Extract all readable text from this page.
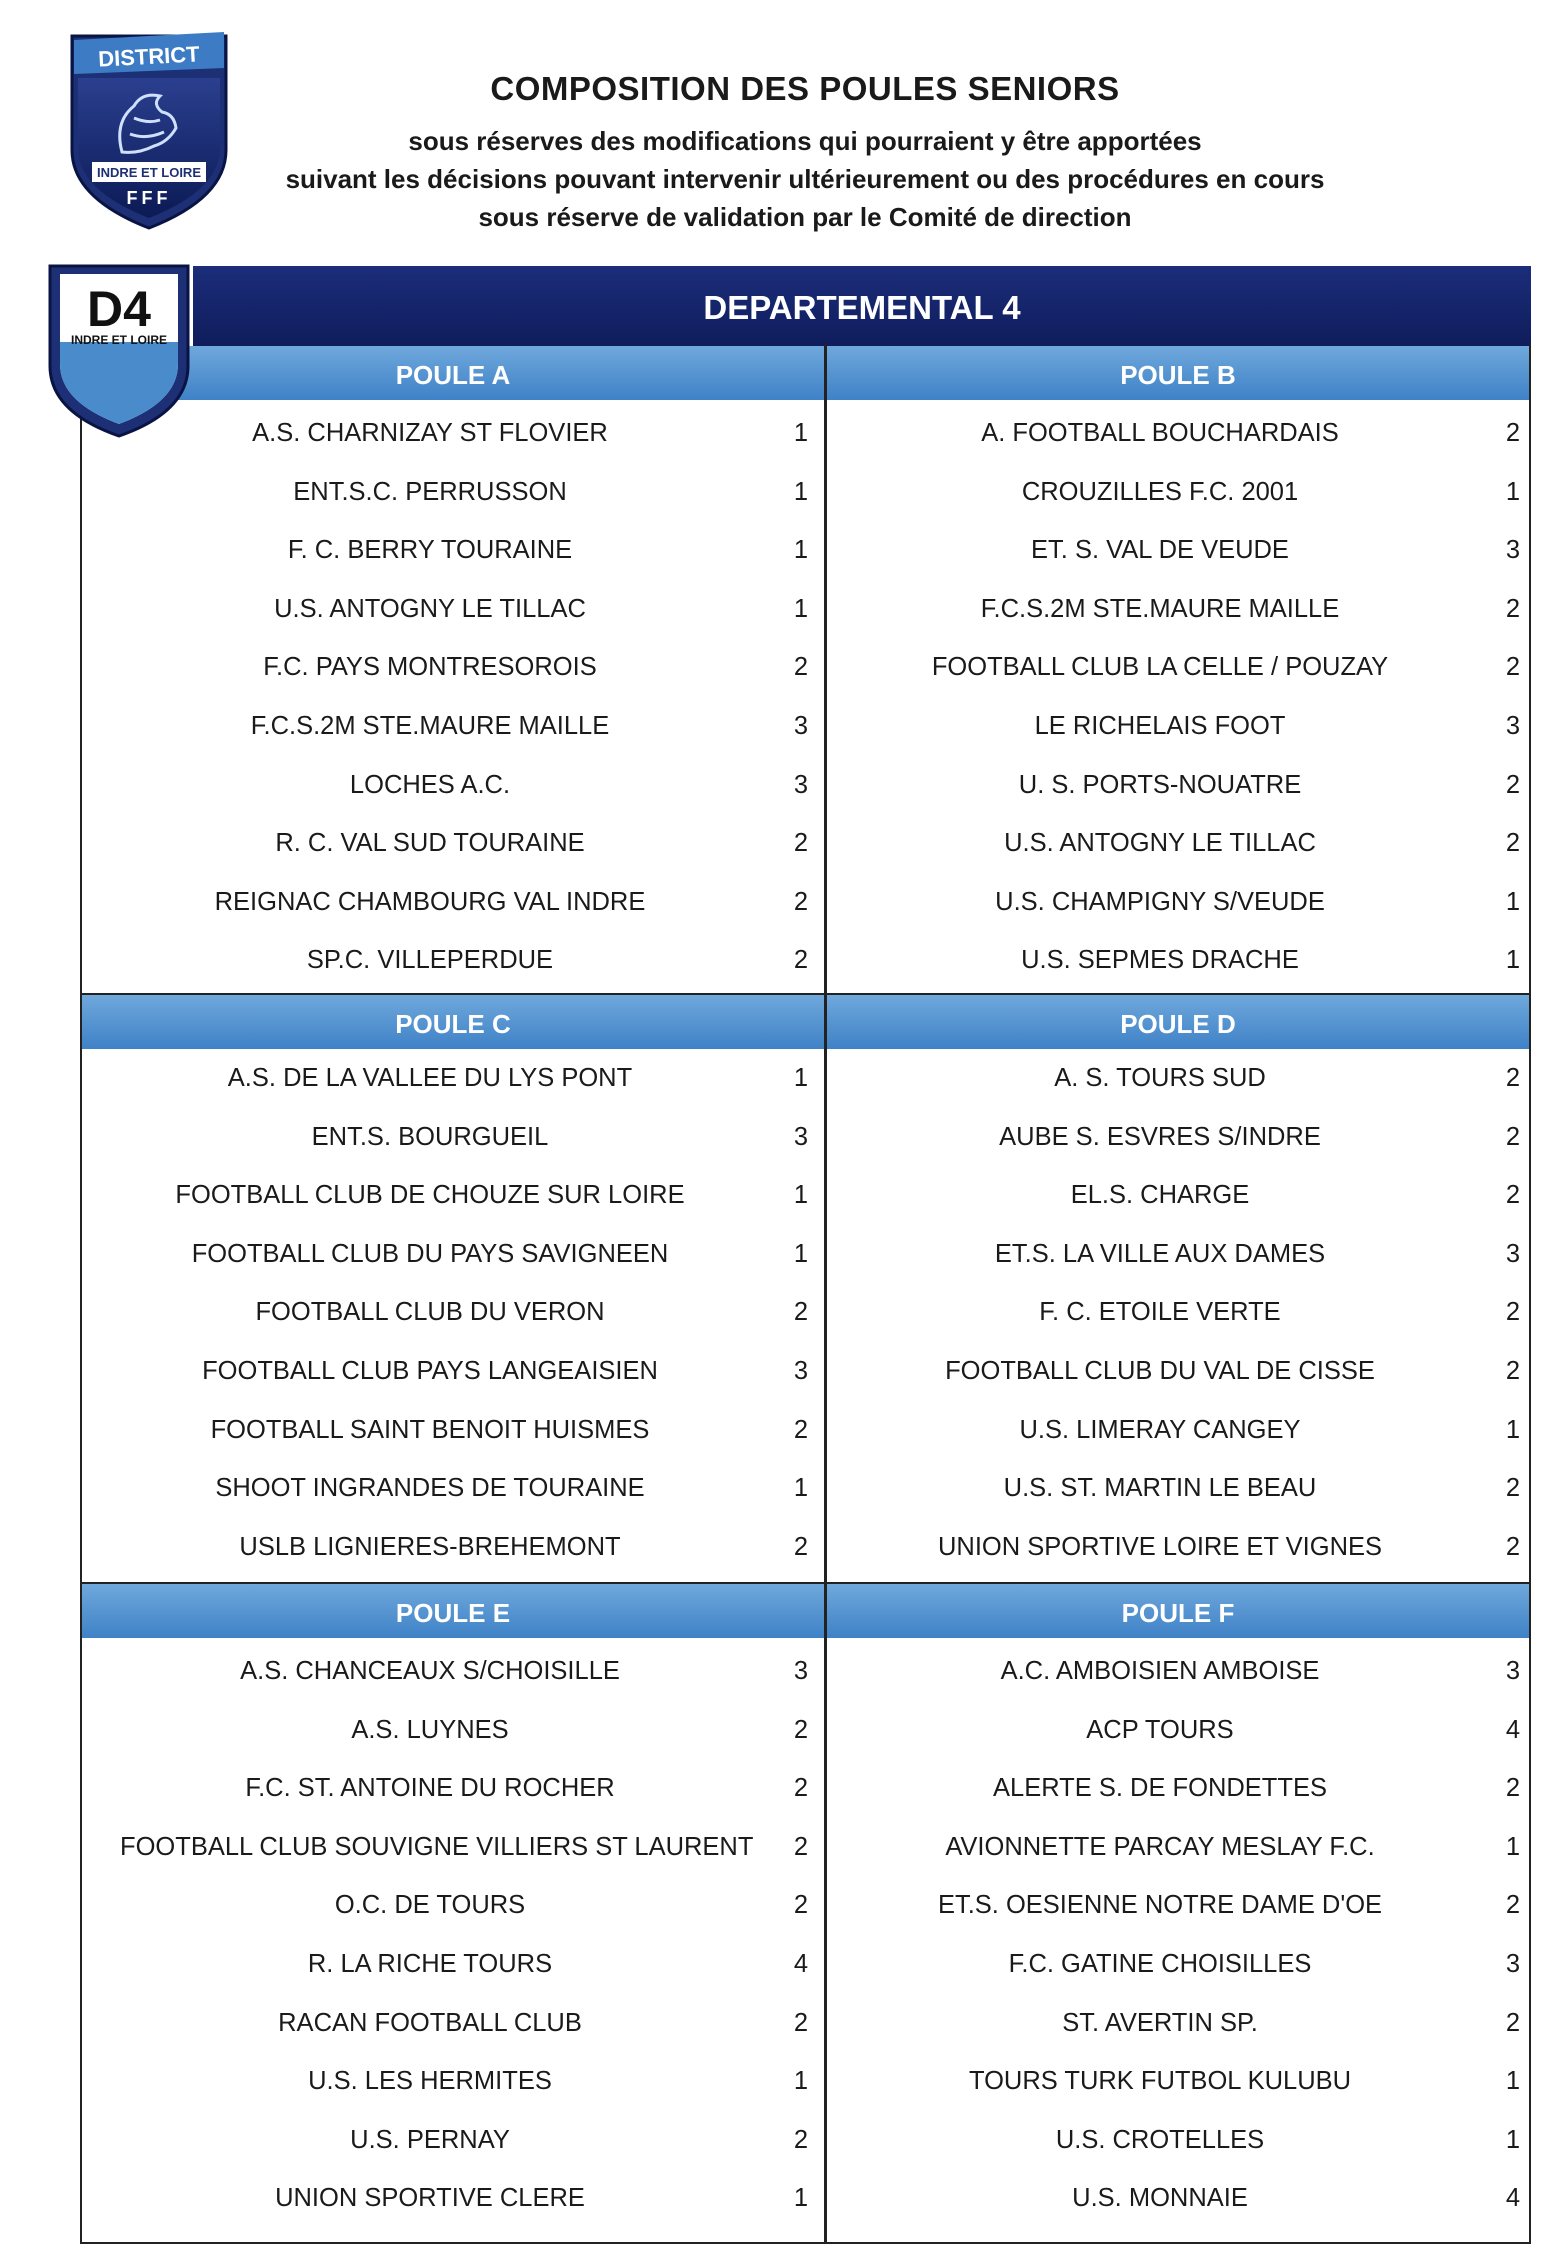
DISTRICT
INDRE ET LOIRE
FFF
COMPOSITION DES POULES SENIORS
sous réserves des modifications qui pourraient y être apportées
suivant les décisions pouvant intervenir ultérieurement ou des procédures en cours
sous réserve de validation par le Comité de direction
D4
INDRE ET LOIRE
DEPARTEMENTAL 4
POULE A
A.S. CHARNIZAY ST FLOVIER	1
ENT.S.C. PERRUSSON	1
F. C. BERRY TOURAINE	1
U.S. ANTOGNY LE TILLAC	1
F.C. PAYS MONTRESOROIS	2
F.C.S.2M STE.MAURE MAILLE	3
LOCHES A.C.	3
R. C. VAL SUD TOURAINE	2
REIGNAC CHAMBOURG VAL INDRE	2
SP.C. VILLEPERDUE	2
POULE B
A. FOOTBALL BOUCHARDAIS	2
CROUZILLES F.C. 2001	1
ET. S. VAL DE VEUDE	3
F.C.S.2M STE.MAURE MAILLE	2
FOOTBALL CLUB LA CELLE / POUZAY	2
LE RICHELAIS FOOT	3
U. S. PORTS-NOUATRE	2
U.S. ANTOGNY LE TILLAC	2
U.S. CHAMPIGNY S/VEUDE	1
U.S. SEPMES DRACHE	1
POULE C
A.S. DE LA VALLEE DU LYS PONT	1
ENT.S. BOURGUEIL	3
FOOTBALL CLUB DE CHOUZE SUR LOIRE	1
FOOTBALL CLUB DU PAYS SAVIGNEEN	1
FOOTBALL CLUB DU VERON	2
FOOTBALL CLUB PAYS LANGEAISIEN	3
FOOTBALL SAINT BENOIT HUISMES	2
SHOOT INGRANDES DE TOURAINE	1
USLB LIGNIERES-BREHEMONT	2
POULE D
A. S. TOURS SUD	2
AUBE S. ESVRES S/INDRE	2
EL.S. CHARGE	2
ET.S. LA VILLE AUX DAMES	3
F. C. ETOILE VERTE	2
FOOTBALL CLUB DU VAL DE CISSE	2
U.S. LIMERAY CANGEY	1
U.S. ST. MARTIN LE BEAU	2
UNION SPORTIVE LOIRE ET VIGNES	2
POULE E
A.S. CHANCEAUX S/CHOISILLE	3
A.S. LUYNES	2
F.C. ST. ANTOINE DU ROCHER	2
FOOTBALL CLUB SOUVIGNE VILLIERS ST LAURENT	2
O.C. DE TOURS	2
R. LA RICHE TOURS	4
RACAN FOOTBALL CLUB	2
U.S. LES HERMITES	1
U.S. PERNAY	2
UNION SPORTIVE CLERE	1
POULE F
A.C. AMBOISIEN AMBOISE	3
ACP TOURS	4
ALERTE S. DE FONDETTES	2
AVIONNETTE PARCAY MESLAY F.C.	1
ET.S. OESIENNE NOTRE DAME D'OE	2
F.C. GATINE CHOISILLES	3
ST. AVERTIN SP.	2
TOURS TURK FUTBOL KULUBU	1
U.S. CROTELLES	1
U.S. MONNAIE	4
